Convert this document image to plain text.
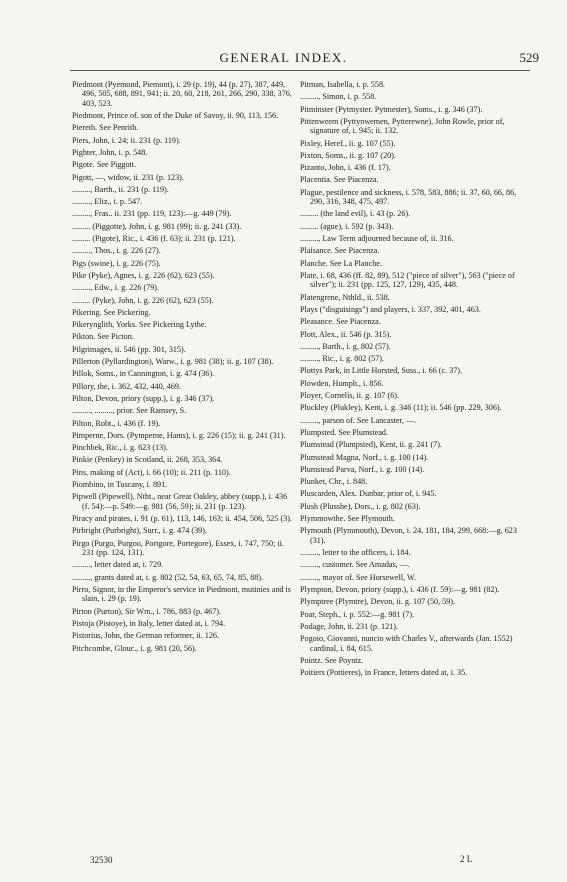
GENERAL INDEX.	529
Piedmont (Pyemond, Piemont), i. 29 (p. 19), 44 (p. 27), 387, 449, 496, 505, 688, 891, 941; ii. 20, 60, 218, 261, 266, 290, 338, 376, 403, 523.
Piedmont, Prince of. son of the Duke of Savoy, ii. 90, 113, 156.
Piereth. See Penrith.
Piers, John, i. 24; ii. 231 (p. 119).
Pighter, John, i. p. 548.
Pigote. See Piggott.
Pigott, —, widow, ii. 231 (p. 123).
........., Barth., ii. 231 (p. 119).
........., Eliz., i. p. 547.
........., Fras.. ii. 231 (pp. 119, 123):—g. 449 (79).
......... (Piggotte), John, i. g. 981 (99); ii. g. 241 (33).
......... (Pigote), Ric., i. 436 (f. 63); ii. 231 (p. 121).
........., Thos., i. g. 226 (27).
Pigs (swine), i. g. 226 (75).
Pike (Pyke), Agnes, i. g. 226 (62), 623 (55).
........., Edw., i. g. 226 (79).
......... (Pyke), John, i. g. 226 (62), 623 (55).
Pikering. See Pickering.
Pikerynglith, Yorks. See Pickering Lythe.
Pikton. See Picton.
Pilgrimages, ii. 546 (pp. 301, 315).
Pillerton (Pyllardington), Warw., i. g. 981 (38); ii. g. 107 (38).
Pillok, Soms., in Cannington, i. g. 474 (36).
Pillory, the, i. 362, 432, 440, 469.
Pilton, Devon, priory (supp.), i. g. 346 (37).
........., ........., prior. See Ramsey, S.
Pilton, Robt., i. 436 (f. 19).
Pimperne, Dors. (Pymperne, Hants), i. g. 226 (15); ii. g. 241 (31).
Pinchbek, Ric., i. g. 623 (13).
Pinkie (Penkey) in Scotland, ii. 268, 353, 364.
Pins, making of (Act), i. 66 (10); ii. 211 (p. 110).
Piombino, in Tuscany, i. 891.
Pipwell (Pipewell), Ntht., near Great Oakley, abbey (supp.), i. 436 (f. 54):—p. 549:—g. 981 (56, 59); ii. 231 (p. 123).
Piracy and pirates, i. 91 (p. 61), 113, 146, 163; ii. 454, 506, 525 (3).
Pirbright (Purbright), Surr., i. g. 474 (39).
Pirgo (Purgo, Purgoo, Portgore, Portegore), Essex, i. 747, 750; ii. 231 (pp. 124, 131).
........., letter dated at, i. 729.
........., grants dated at, i. g. 802 (52, 54, 63, 65, 74, 85, 88).
Pirro, Signor, in the Emperor's service in Piedmont, mutinies and is slain, i. 29 (p. 19).
Pirton (Purton), Sir Wm., i. 786, 883 (p. 467).
Pistoja (Pistoye), in Italy, letter dated at, i. 794.
Pistorius, John, the German reformer, ii. 126.
Pitchcombe, Glouc., i. g. 981 (20, 56).
Pitman, Isabella, i. p. 558.
........., Simon, i. p. 558.
Pitminster (Pytmyster. Pytmester), Soms., i. g. 346 (37).
Pittenweem (Pyttynwemen, Pytterewne), John Rowle, prior of, signature of, i. 945; ii. 132.
Pixley, Heref., ii. g. 107 (55).
Pixton, Soms., ii. g. 107 (20).
Pizanto, John, i. 436 (f. 17).
Placentia. See Piacenza.
Plague, pestilence and sickness, i. 578, 583, 886; ii. 37, 60, 66, 86, 290, 316, 348, 475, 497.
......... (the land evil), i. 43 (p. 26).
......... (ague), i. 592 (p. 343).
........., Law Term adjourned because of, ii. 316.
Plaisance. See Piacenza.
Planche. See La Planche.
Plate, i. 68, 436 (ff. 82, 89), 512 ("piece of silver"), 563 ("piece of silver"); ii. 231 (pp. 125, 127, 129), 435, 448.
Platengrene, Nthld., ii. 538.
Plays ("disguisings") and players, i. 337, 392, 401, 463.
Pleasance. See Piacenza.
Plott, Alex., ii. 546 (p. 315).
........., Barth., i. g. 802 (57).
........., Ric., i. g. 802 (57).
Plottys Park, in Little Horsted, Suss., i. 66 (c. 37).
Plowden, Humph., i. 856.
Ployer, Cornelis, ii. g. 107 (6).
Pluckley (Plukley), Kent, i. g. 346 (11); ii. 546 (pp. 229, 306).
........., parson of. See Lancaster, —.
Plumpsted. See Plumstead.
Plumstead (Plumpsted), Kent, ii. g. 241 (7).
Plumstead Magna, Norf., i. g. 100 (14).
Plumstead Parva, Norf., i. g. 100 (14).
Plunket, Chr., i. 848.
Pluscarden, Alex. Dunbar, prior of, i. 945.
Plush (Plusshe), Dors., i. g. 802 (63).
Plymmowthe. See Plymouth.
Plymouth (Plymmouth), Devon, i. 24, 181, 184, 299, 668:—g. 623 (31).
........., letter to the officers, i. 184.
........., customer. See Amadas, —.
........., mayor of. See Horsewell, W.
Plympton, Devon, priory (supp.), i. 436 (f. 59):—g. 981 (82).
Plymptree (Plymtre), Devon, ii. g. 107 (50, 59).
Poar, Steph., i. p. 552:—g. 981 (7).
Podage, John, ii. 231 (p. 121).
Pogoio, Giovanni, nuncio with Charles V., afterwards (Jan. 1552) cardinal, i. 84, 615.
Pointz. See Poyntz.
Poitiers (Pottieres), in France, letters dated at, i. 35.
32530	2 L
